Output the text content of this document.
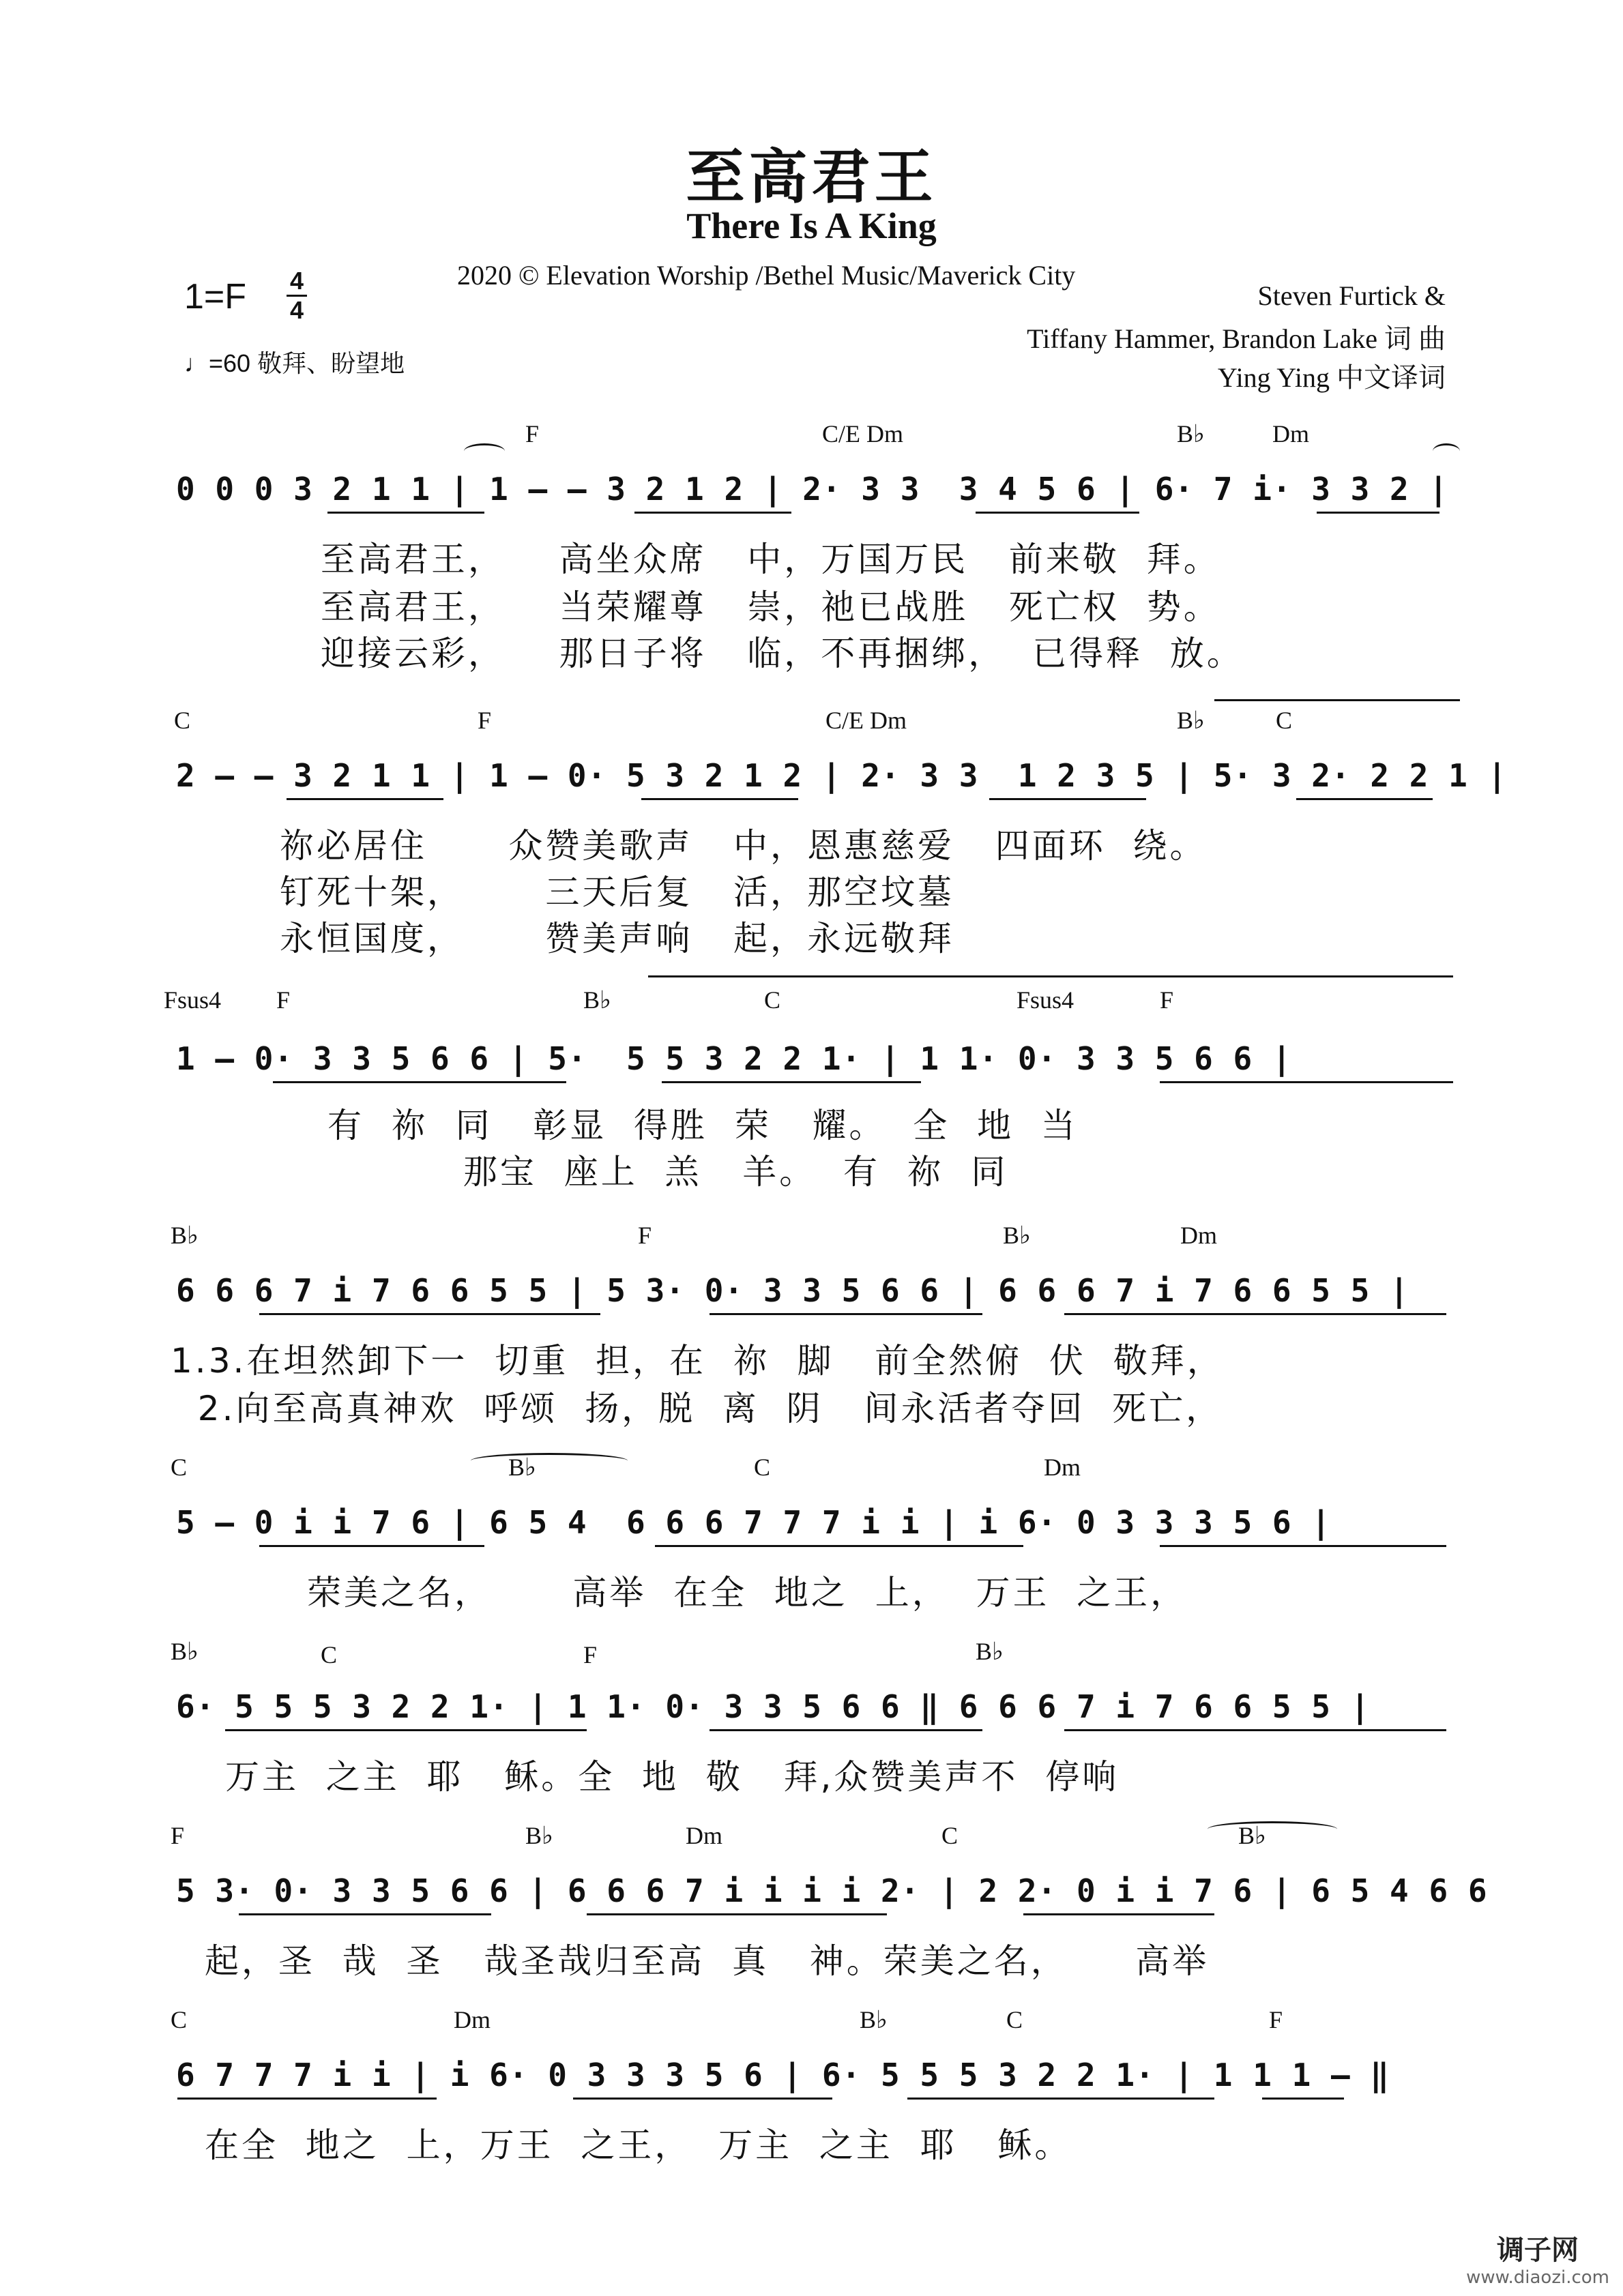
至高君王
There Is A King
1=F 4
4
♩=60 敬拜、盼望地
2020 © Elevation Worship /Bethel Music/Maverick City
Steven Furtick &
Tiffany Hammer, Brandon Lake 词 曲
Ying Ying 中文译词
F	C/E Dm	B♭	Dm
0 0 0 3 2 1 1 | 1 – – 3 2 1 2 | 2· 3 3  3 4 5 6 | 6· 7 i· 3 3 2 |
至高君王，    高坐众席   中，万国万民   前来敬  拜。
至高君王，    当荣耀尊   崇，祂已战胜   死亡权  势。
迎接云彩，    那日子将   临，不再捆绑，  已得释  放。
C	F	C/E Dm	B♭	C
2 – – 3 2 1 1 | 1 – 0· 5 3 2 1 2 | 2· 3 3  1 2 3 5 | 5· 3 2· 2 2 1 |
祢必居住      众赞美歌声   中，恩惠慈爱   四面环  绕。
钉死十架，      三天后复   活，那空坟墓
永恒国度，      赞美声响   起，永远敬拜
Fsus4 F	B♭	C	Fsus4	F
1 – 0· 3 3 5 6 6 | 5·  5 5 3 2 2 1· | 1 1· 0· 3 3 5 6 6 |
有  祢  同   彰显  得胜  荣   耀。  全  地  当
那宝  座上  羔   羊。  有  祢  同
B♭	F	B♭	Dm
6 6 6 7 i 7 6 6 5 5 | 5 3· 0· 3 3 5 6 6 | 6 6 6 7 i 7 6 6 5 5 |
1.3.在坦然卸下一  切重  担，在  祢  脚   前全然俯  伏  敬拜，
2.向至高真神欢  呼颂  扬，脱  离  阴   间永活者夺回  死亡，
C	B♭	C	Dm
5 – 0 i i 7 6 | 6 5 4  6 6 6 7 7 7 i i | i 6· 0 3 3 3 5 6 |
荣美之名，      高举  在全  地之  上，  万王  之王，
B♭	C	F	B♭
6· 5 5 5 3 2 2 1· | 1 1· 0· 3 3 5 6 6 ‖ 6 6 6 7 i 7 6 6 5 5 |
万主  之主  耶   稣。全  地  敬   拜,众赞美声不  停响
F	B♭	Dm	C	B♭
5 3· 0· 3 3 5 6 6 | 6 6 6 7 i i i i 2· | 2 2· 0 i i 7 6 | 6 5 4 6 6
起，圣  哉  圣   哉圣哉归至高  真   神。荣美之名，     高举
C	Dm	B♭	C	F
6 7 7 7 i i | i 6· 0 3 3 3 5 6 | 6· 5 5 5 3 2 2 1· | 1 1 1 – ‖
在全  地之  上，万王  之王，  万主  之主  耶   稣。
调子网
www.diaozi.com
